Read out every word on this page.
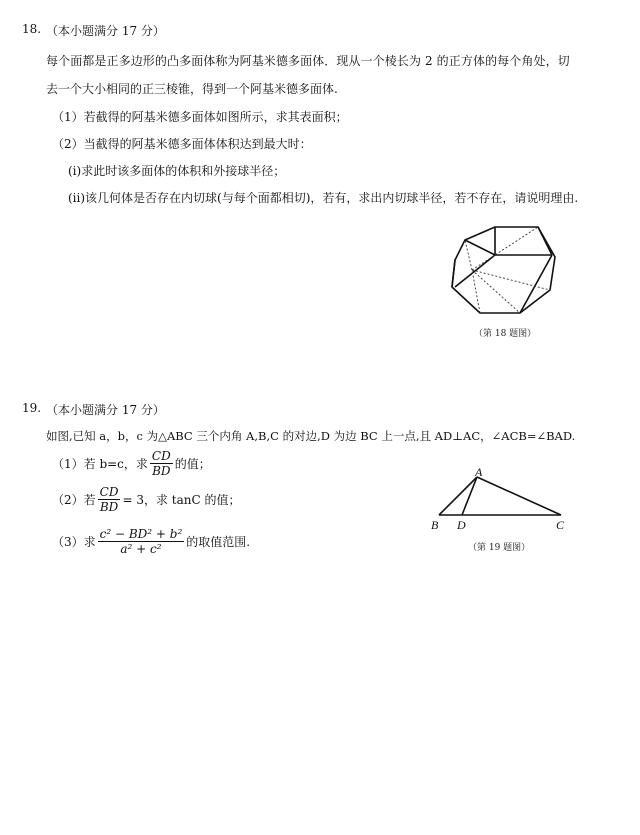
18. （本小题满分 17 分）
每个面都是正多边形的凸多面体称为阿基米德多面体．现从一个棱长为 2 的正方体的每个角处，切
去一个大小相同的正三棱锥，得到一个阿基米德多面体.
（1）若截得的阿基米德多面体如图所示，求其表面积；
（2）当截得的阿基米德多面体体积达到最大时：
(i)求此时该多面体的体积和外接球半径；
(ii)该几何体是否存在内切球(与每个面都相切)，若有，求出内切球半径，若不存在，请说明理由.
（第 18 题图）
19. （本小题满分 17 分）
如图,已知 a，b，c 为△ABC 三个内角 A,B,C 的对边,D 为边 BC 上一点,且 AD⊥AC，∠ACB=∠BAD.
（1）若 b=c，求 $\frac{CD}{BD}$ 的值；
（2）若 $\frac{CD}{BD} = 3$，求 tanC 的值；
（3）求 $\frac{\text{c² − BD² + b²}}{\text{a² + c²}}$ 的取值范围.
A
B D	C
（第 19 题图）
